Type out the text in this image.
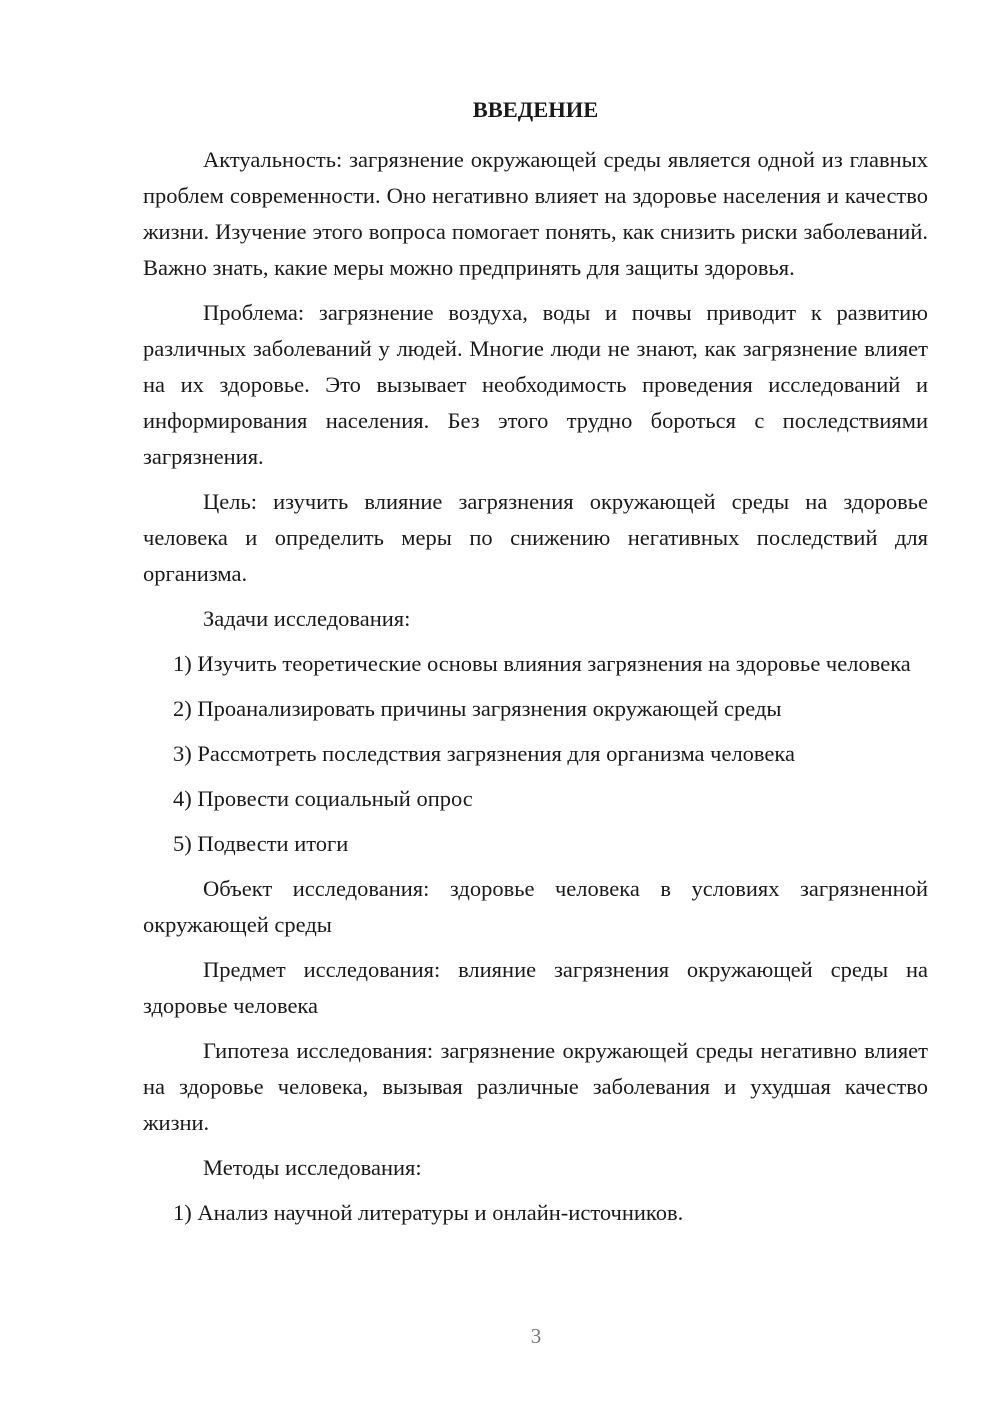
ВВЕДЕНИЕ

Актуальность: загрязнение окружающей среды является одной из главных проблем современности. Оно негативно влияет на здоровье населения и качество жизни. Изучение этого вопроса помогает понять, как снизить риски заболеваний. Важно знать, какие меры можно предпринять для защиты здоровья.

Проблема: загрязнение воздуха, воды и почвы приводит к развитию различных заболеваний у людей. Многие люди не знают, как загрязнение влияет на их здоровье. Это вызывает необходимость проведения исследований и информирования населения. Без этого трудно бороться с последствиями загрязнения.

Цель: изучить влияние загрязнения окружающей среды на здоровье человека и определить меры по снижению негативных последствий для организма.

Задачи исследования:

1) Изучить теоретические основы влияния загрязнения на здоровье человека

2) Проанализировать причины загрязнения окружающей среды

3) Рассмотреть последствия загрязнения для организма человека

4) Провести социальный опрос

5) Подвести итоги

Объект исследования: здоровье человека в условиях загрязненной окружающей среды

Предмет исследования: влияние загрязнения окружающей среды на здоровье человека

Гипотеза исследования: загрязнение окружающей среды негативно влияет на здоровье человека, вызывая различные заболевания и ухудшая качество жизни.

Методы исследования:

1) Анализ научной литературы и онлайн-источников.

3
